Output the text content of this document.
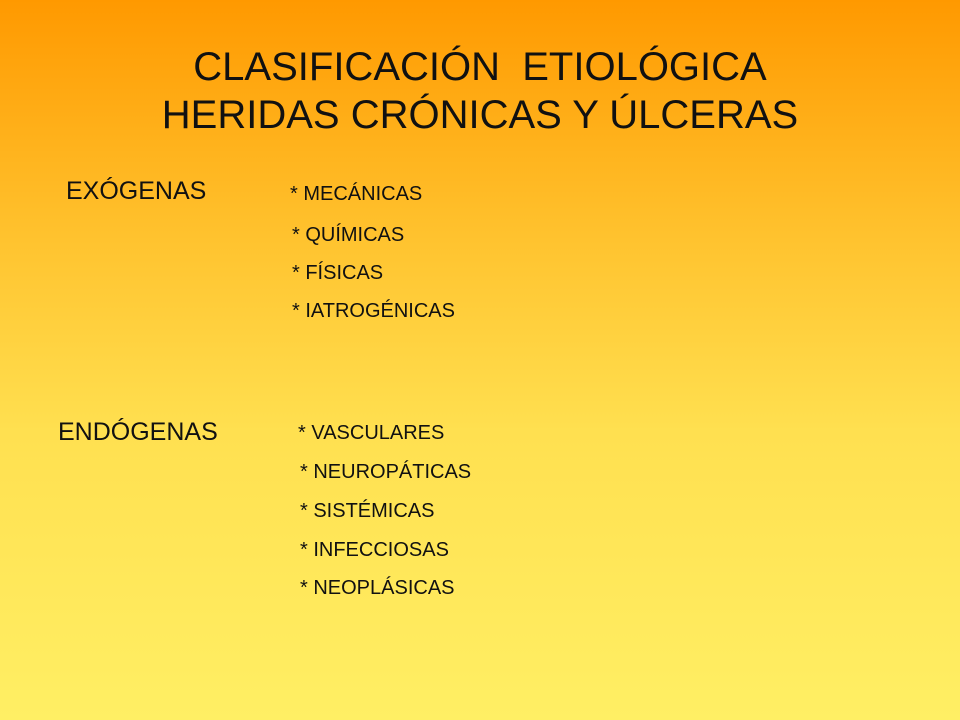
CLASIFICACIÓN  ETIOLÓGICA
HERIDAS CRÓNICAS Y ÚLCERAS
EXÓGENAS	* MECÁNICAS
* QUÍMICAS
* FÍSICAS
* IATROGÉNICAS
ENDÓGENAS	* VASCULARES
* NEUROPÁTICAS
* SISTÉMICAS
* INFECCIOSAS
* NEOPLÁSICAS
